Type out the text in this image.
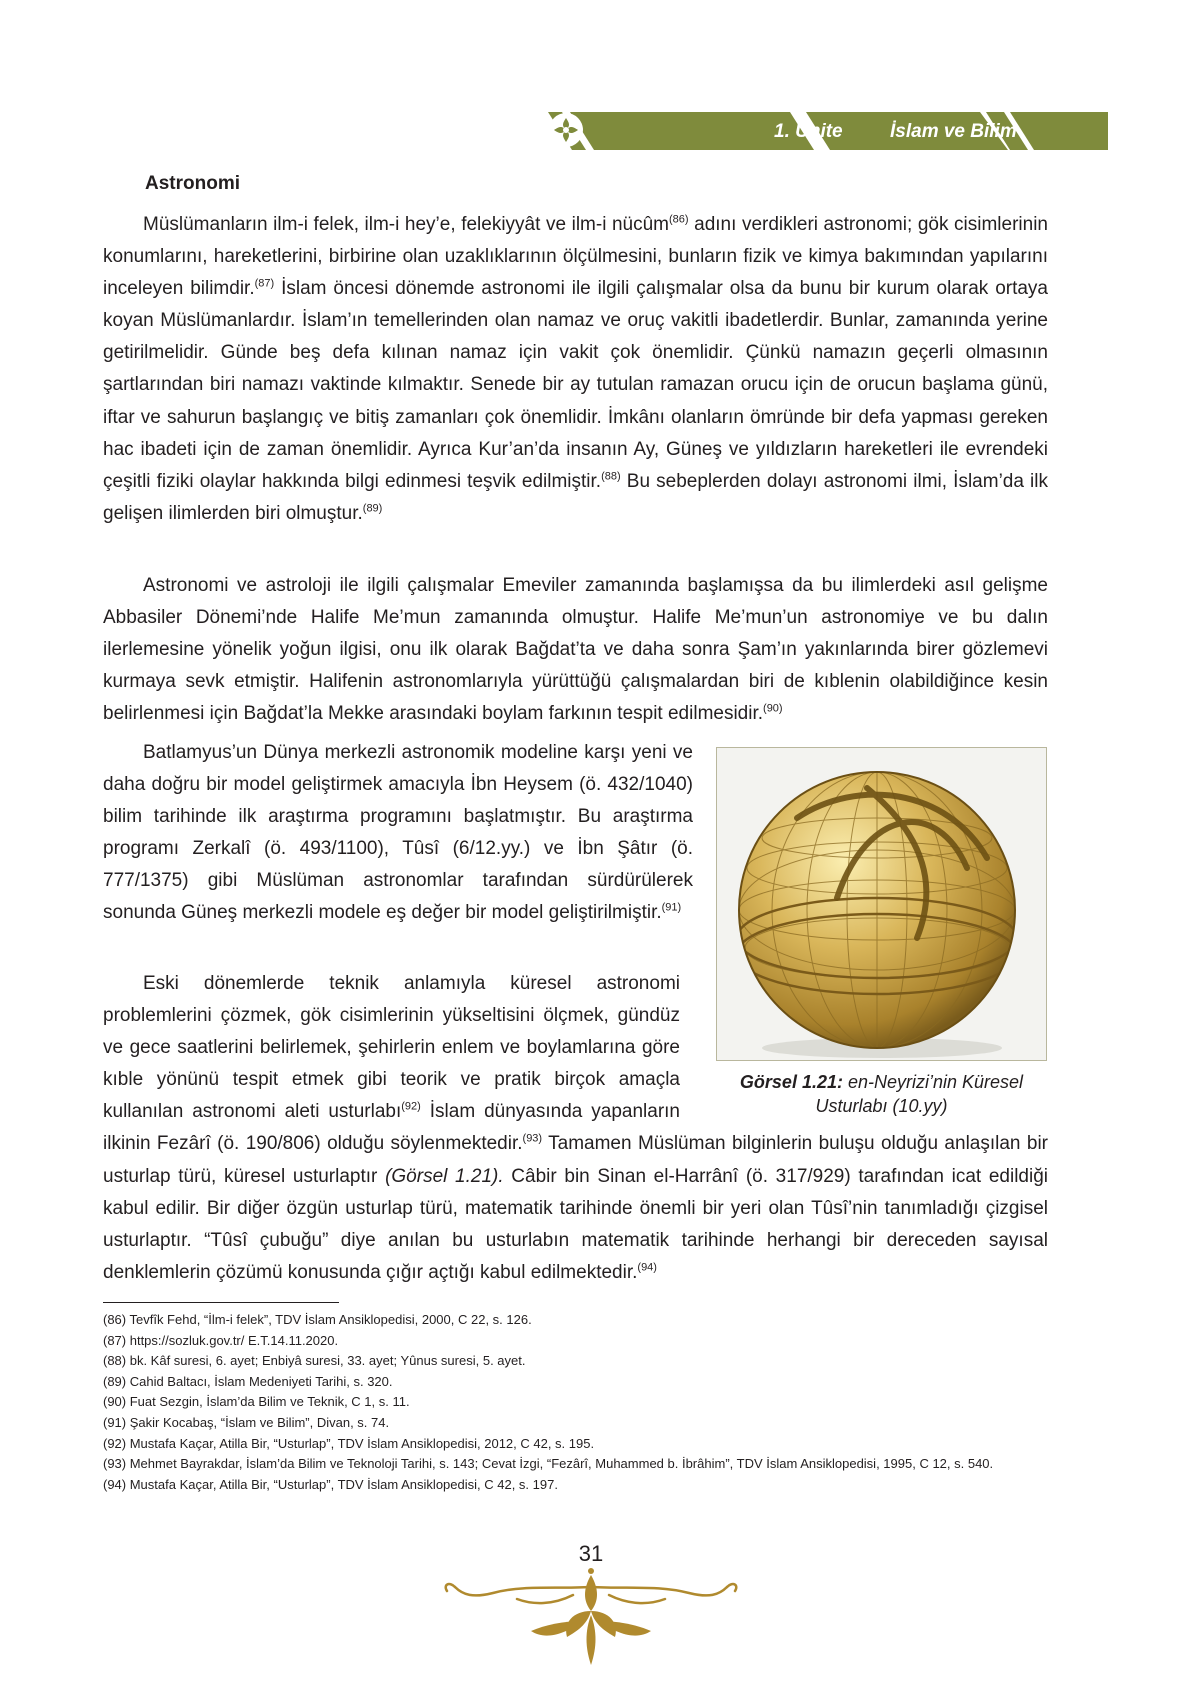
1. Ünite İslam ve Bilim
Astronomi

Müslümanların ilm-i felek, ilm-i hey’e, felekiyyât ve ilm-i nücûm$^{(86)}$ adını verdikleri astronomi; gök cisimlerinin konumlarını, hareketlerini, birbirine olan uzaklıklarının ölçülmesini, bunların fizik ve kimya bakımından yapılarını inceleyen bilimdir.$^{(87)}$ İslam öncesi dönemde astronomi ile ilgili çalışmalar olsa da bunu bir kurum olarak ortaya koyan Müslümanlardır. İslam’ın temellerinden olan namaz ve oruç vakitli ibadetlerdir. Bunlar, zamanında yerine getirilmelidir. Günde beş defa kılınan namaz için vakit çok önemlidir. Çünkü namazın geçerli olmasının şartlarından biri namazı vaktinde kılmaktır. Senede bir ay tutulan ramazan orucu için de orucun başlama günü, iftar ve sahurun başlangıç ve bitiş zamanları çok önemlidir. İmkânı olanların ömründe bir defa yapması gereken hac ibadeti için de zaman önemlidir. Ayrıca Kur’an’da insanın Ay, Güneş ve yıldızların hareketleri ile evrendeki çeşitli fiziki olaylar hakkında bilgi edinmesi teşvik edilmiştir.$^{(88)}$ Bu sebeplerden dolayı astronomi ilmi, İslam’da ilk gelişen ilimlerden biri olmuştur.$^{(89)}$

Astronomi ve astroloji ile ilgili çalışmalar Emeviler zamanında başlamışsa da bu ilimlerdeki asıl gelişme Abbasiler Dönemi’nde Halife Me’mun zamanında olmuştur. Halife Me’mun’un astronomiye ve bu dalın ilerlemesine yönelik yoğun ilgisi, onu ilk olarak Bağdat’ta ve daha sonra Şam’ın yakınlarında birer gözlemevi kurmaya sevk etmiştir. Halifenin astronomlarıyla yürüttüğü çalışmalardan biri de kıblenin olabildiğince kesin belirlenmesi için Bağdat’la Mekke arasındaki boylam farkının tespit edilmesidir.$^{(90)}$

Batlamyus’un Dünya merkezli astronomik modeline karşı yeni ve daha doğru bir model geliştirmek amacıyla İbn Heysem (ö. 432/1040) bilim tarihinde ilk araştırma programını başlatmıştır. Bu araştırma programı Zerkalî (ö. 493/1100), Tûsî (6/12.yy.) ve İbn Şâtır (ö. 777/1375) gibi Müslüman astronomlar tarafından sürdürülerek sonunda Güneş merkezli modele eş değer bir model geliştirilmiştir.$^{(91)}$

Eski dönemlerde teknik anlamıyla küresel astronomi problemlerini çözmek, gök cisimlerinin yükseltisini ölçmek, gündüz ve gece saatlerini belirlemek, şehirlerin enlem ve boylamlarına göre kıble yönünü tespit etmek gibi teorik ve pratik birçok amaçla kullanılan astronomi aleti usturlabı$^{(92)}$ İslam dünyasında yapanların ilkinin Fezârî (ö. 190/806) olduğu söylenmektedir.$^{(93)}$ Tamamen Müslüman bilginlerin buluşu olduğu anlaşılan bir usturlap türü, küresel usturlaptır (Görsel 1.21). Câbir bin Sinan el-Harrânî (ö. 317/929) tarafından icat edildiği kabul edilir. Bir diğer özgün usturlap türü, matematik tarihinde önemli bir yeri olan Tûsî’nin tanımladığı çizgisel usturlaptır. “Tûsî çubuğu” diye anılan bu usturlabın matematik tarihinde herhangi bir dereceden sayısal denklemlerin çözümü konusunda çığır açtığı kabul edilmektedir.$^{(94)}$

Görsel 1.21: en-Neyrizi’nin Küresel Usturlabı (10.yy)

(86) Tevfîk Fehd, “İlm-i felek”, TDV İslam Ansiklopedisi, 2000, C 22, s. 126.
(87) https://sozluk.gov.tr/ E.T.14.11.2020.
(88) bk. Kâf suresi, 6. ayet; Enbiyâ suresi, 33. ayet; Yûnus suresi, 5. ayet.
(89) Cahid Baltacı, İslam Medeniyeti Tarihi, s. 320.
(90) Fuat Sezgin, İslam’da Bilim ve Teknik, C 1, s. 11.
(91) Şakir Kocabaş, “İslam ve Bilim”, Divan, s. 74.
(92) Mustafa Kaçar, Atilla Bir, “Usturlap”, TDV İslam Ansiklopedisi, 2012, C 42, s. 195.
(93) Mehmet Bayrakdar, İslam’da Bilim ve Teknoloji Tarihi, s. 143; Cevat İzgi, “Fezârî, Muhammed b. İbrâhim”, TDV İslam Ansiklopedisi, 1995, C 12, s. 540.
(94) Mustafa Kaçar, Atilla Bir, “Usturlap”, TDV İslam Ansiklopedisi, C 42, s. 197.

31
